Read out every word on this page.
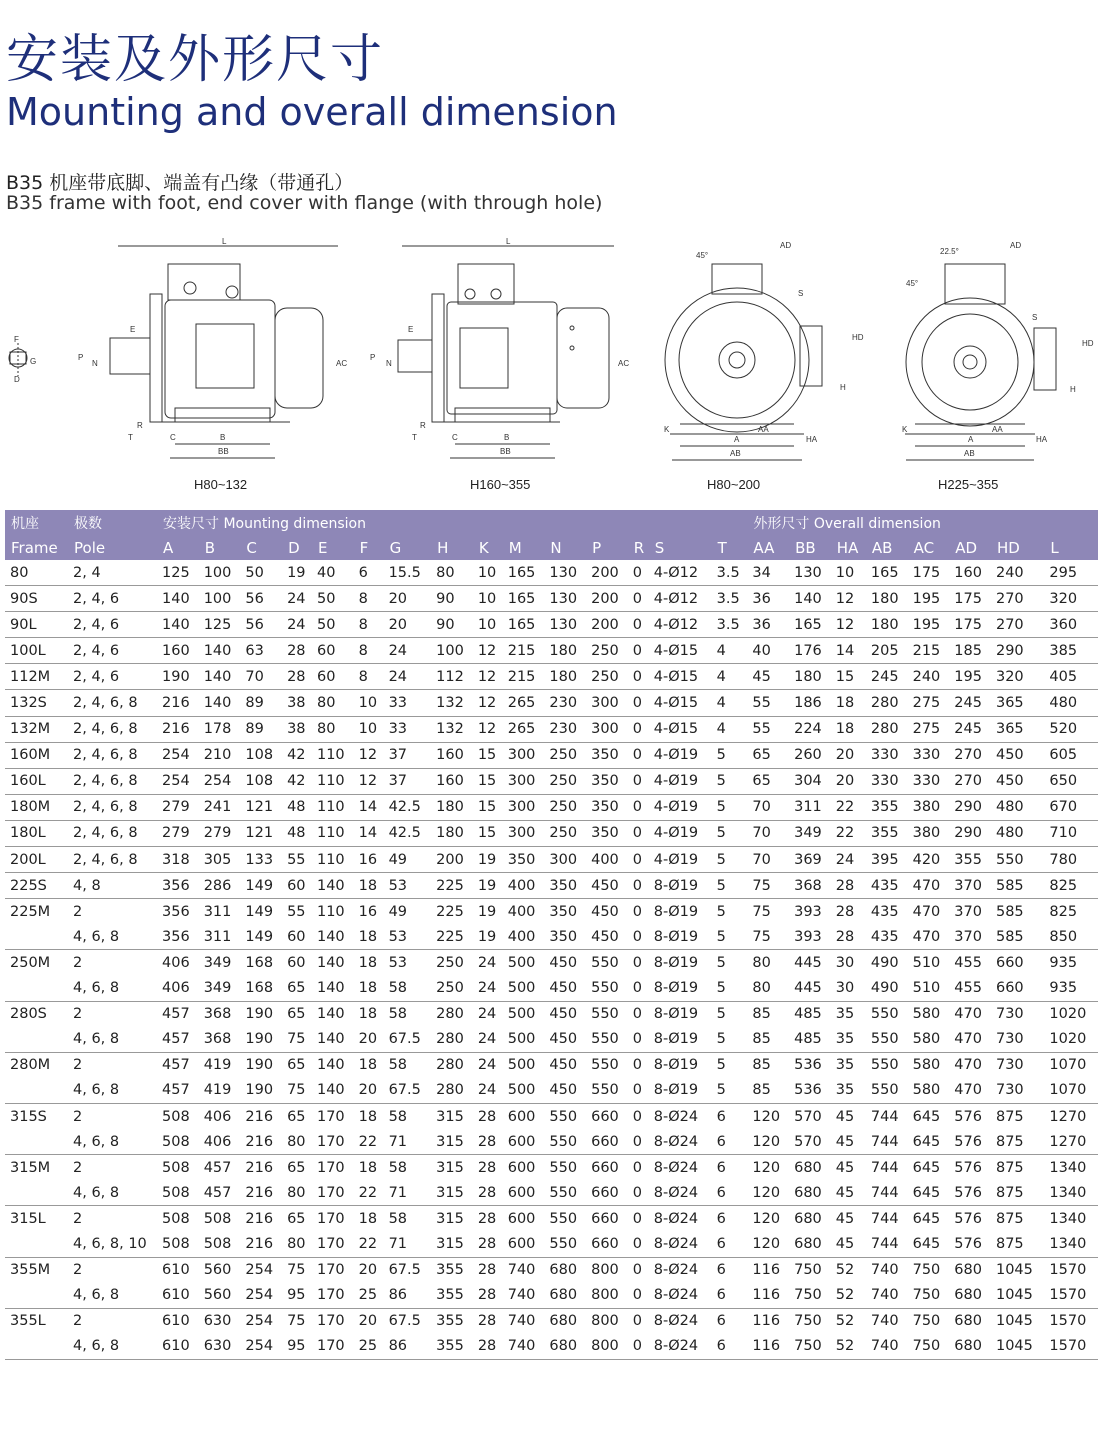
安装及外形尺寸
Mounting and overall dimension
B35 机座带底脚、端盖有凸缘（带通孔）
B35 frame with foot, end cover with flange (with through hole)
F
G
D
L
E
P
N	AC
R
T	C	B
BB
L
E
P
N	AC
R
T	C	B
BB
45°
AD
S
HD
H
K	AA
HA
A
AB
22.5°
AD
45°
S
HD
H
K	AA
HA
A
AB
H80~132	H160~355	H80~200	H225~355
机座	极数	安装尺寸 Mounting dimension															外形尺寸 Overall dimension							
Frame	Pole	A	B	C	D	E	F	G	H	K	M	N	P	R	S	T	AA	BB	HA	AB	AC	AD	HD	L
80	2, 4	125	100	50	19	40	6	15.5	80	10	165	130	200	0	4-Ø12	3.5	34	130	10	165	175	160	240	295
90S	2, 4, 6	140	100	56	24	50	8	20	90	10	165	130	200	0	4-Ø12	3.5	36	140	12	180	195	175	270	320
90L	2, 4, 6	140	125	56	24	50	8	20	90	10	165	130	200	0	4-Ø12	3.5	36	165	12	180	195	175	270	360
100L	2, 4, 6	160	140	63	28	60	8	24	100	12	215	180	250	0	4-Ø15	4	40	176	14	205	215	185	290	385
112M	2, 4, 6	190	140	70	28	60	8	24	112	12	215	180	250	0	4-Ø15	4	45	180	15	245	240	195	320	405
132S	2, 4, 6, 8	216	140	89	38	80	10	33	132	12	265	230	300	0	4-Ø15	4	55	186	18	280	275	245	365	480
132M	2, 4, 6, 8	216	178	89	38	80	10	33	132	12	265	230	300	0	4-Ø15	4	55	224	18	280	275	245	365	520
160M	2, 4, 6, 8	254	210	108	42	110	12	37	160	15	300	250	350	0	4-Ø19	5	65	260	20	330	330	270	450	605
160L	2, 4, 6, 8	254	254	108	42	110	12	37	160	15	300	250	350	0	4-Ø19	5	65	304	20	330	330	270	450	650
180M	2, 4, 6, 8	279	241	121	48	110	14	42.5	180	15	300	250	350	0	4-Ø19	5	70	311	22	355	380	290	480	670
180L	2, 4, 6, 8	279	279	121	48	110	14	42.5	180	15	300	250	350	0	4-Ø19	5	70	349	22	355	380	290	480	710
200L	2, 4, 6, 8	318	305	133	55	110	16	49	200	19	350	300	400	0	4-Ø19	5	70	369	24	395	420	355	550	780
225S	4, 8	356	286	149	60	140	18	53	225	19	400	350	450	0	8-Ø19	5	75	368	28	435	470	370	585	825
225M	2	356	311	149	55	110	16	49	225	19	400	350	450	0	8-Ø19	5	75	393	28	435	470	370	585	825
	4, 6, 8	356	311	149	60	140	18	53	225	19	400	350	450	0	8-Ø19	5	75	393	28	435	470	370	585	850
250M	2	406	349	168	60	140	18	53	250	24	500	450	550	0	8-Ø19	5	80	445	30	490	510	455	660	935
	4, 6, 8	406	349	168	65	140	18	58	250	24	500	450	550	0	8-Ø19	5	80	445	30	490	510	455	660	935
280S	2	457	368	190	65	140	18	58	280	24	500	450	550	0	8-Ø19	5	85	485	35	550	580	470	730	1020
	4, 6, 8	457	368	190	75	140	20	67.5	280	24	500	450	550	0	8-Ø19	5	85	485	35	550	580	470	730	1020
280M	2	457	419	190	65	140	18	58	280	24	500	450	550	0	8-Ø19	5	85	536	35	550	580	470	730	1070
	4, 6, 8	457	419	190	75	140	20	67.5	280	24	500	450	550	0	8-Ø19	5	85	536	35	550	580	470	730	1070
315S	2	508	406	216	65	170	18	58	315	28	600	550	660	0	8-Ø24	6	120	570	45	744	645	576	875	1270
	4, 6, 8	508	406	216	80	170	22	71	315	28	600	550	660	0	8-Ø24	6	120	570	45	744	645	576	875	1270
315M	2	508	457	216	65	170	18	58	315	28	600	550	660	0	8-Ø24	6	120	680	45	744	645	576	875	1340
	4, 6, 8	508	457	216	80	170	22	71	315	28	600	550	660	0	8-Ø24	6	120	680	45	744	645	576	875	1340
315L	2	508	508	216	65	170	18	58	315	28	600	550	660	0	8-Ø24	6	120	680	45	744	645	576	875	1340
	4, 6, 8, 10	508	508	216	80	170	22	71	315	28	600	550	660	0	8-Ø24	6	120	680	45	744	645	576	875	1340
355M	2	610	560	254	75	170	20	67.5	355	28	740	680	800	0	8-Ø24	6	116	750	52	740	750	680	1045	1570
	4, 6, 8	610	560	254	95	170	25	86	355	28	740	680	800	0	8-Ø24	6	116	750	52	740	750	680	1045	1570
355L	2	610	630	254	75	170	20	67.5	355	28	740	680	800	0	8-Ø24	6	116	750	52	740	750	680	1045	1570
	4, 6, 8	610	630	254	95	170	25	86	355	28	740	680	800	0	8-Ø24	6	116	750	52	740	750	680	1045	1570
